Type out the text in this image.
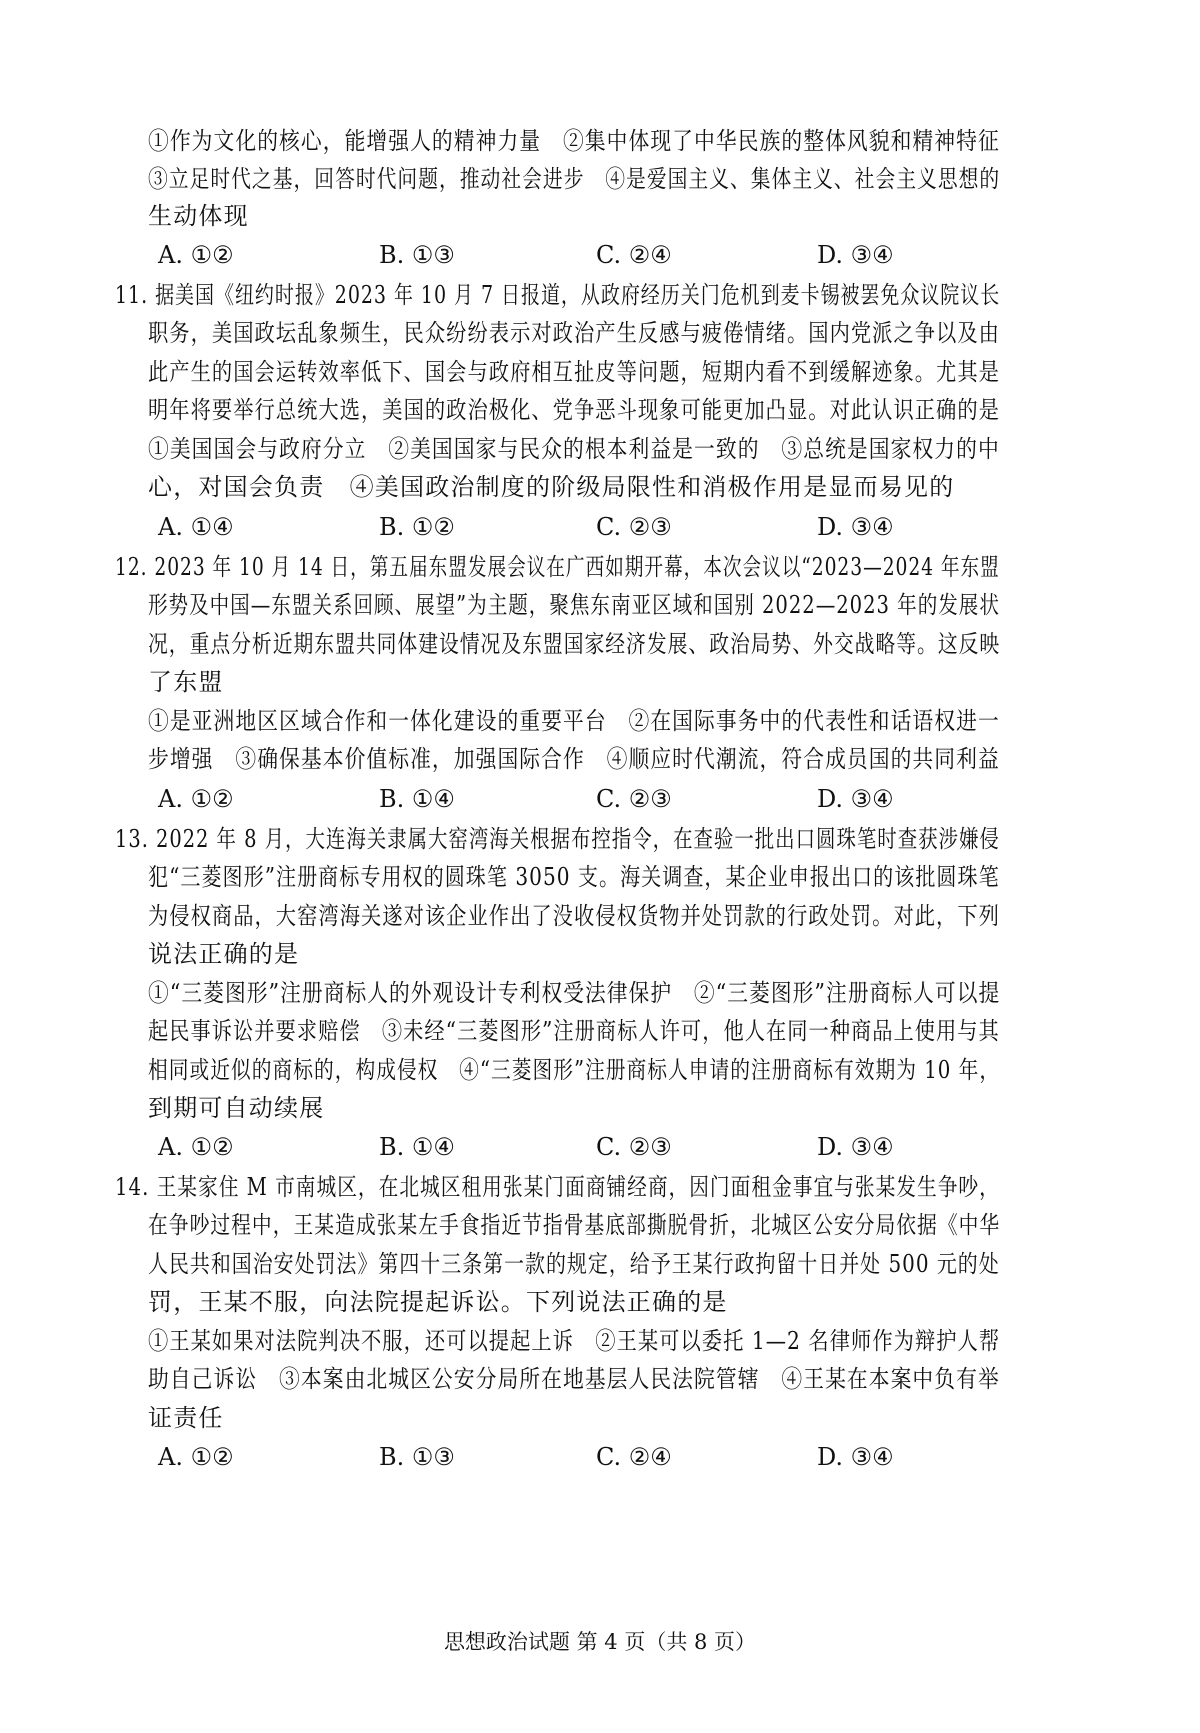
①作为文化的核心，能增强人的精神力量　②集中体现了中华民族的整体风貌和精神特征
③立足时代之基，回答时代问题，推动社会进步　④是爱国主义、集体主义、社会主义思想的
生动体现
A. ①②	B. ①③	C. ②④	D. ③④
11. 据美国《纽约时报》2023 年 10 月 7 日报道，从政府经历关门危机到麦卡锡被罢免众议院议长
职务，美国政坛乱象频生，民众纷纷表示对政治产生反感与疲倦情绪。国内党派之争以及由
此产生的国会运转效率低下、国会与政府相互扯皮等问题，短期内看不到缓解迹象。尤其是
明年将要举行总统大选，美国的政治极化、党争恶斗现象可能更加凸显。对此认识正确的是
①美国国会与政府分立　②美国国家与民众的根本利益是一致的　③总统是国家权力的中
心，对国会负责　④美国政治制度的阶级局限性和消极作用是显而易见的
A. ①④	B. ①②	C. ②③	D. ③④
12. 2023 年 10 月 14 日，第五届东盟发展会议在广西如期开幕，本次会议以“2023—2024 年东盟
形势及中国—东盟关系回顾、展望”为主题，聚焦东南亚区域和国别 2022—2023 年的发展状
况，重点分析近期东盟共同体建设情况及东盟国家经济发展、政治局势、外交战略等。这反映
了东盟
①是亚洲地区区域合作和一体化建设的重要平台　②在国际事务中的代表性和话语权进一
步增强　③确保基本价值标准，加强国际合作　④顺应时代潮流，符合成员国的共同利益
A. ①②	B. ①④	C. ②③	D. ③④
13. 2022 年 8 月，大连海关隶属大窑湾海关根据布控指令，在查验一批出口圆珠笔时查获涉嫌侵
犯“三菱图形”注册商标专用权的圆珠笔 3050 支。海关调查，某企业申报出口的该批圆珠笔
为侵权商品，大窑湾海关遂对该企业作出了没收侵权货物并处罚款的行政处罚。对此，下列
说法正确的是
①“三菱图形”注册商标人的外观设计专利权受法律保护　②“三菱图形”注册商标人可以提
起民事诉讼并要求赔偿　③未经“三菱图形”注册商标人许可，他人在同一种商品上使用与其
相同或近似的商标的，构成侵权　④“三菱图形”注册商标人申请的注册商标有效期为 10 年，
到期可自动续展
A. ①②	B. ①④	C. ②③	D. ③④
14. 王某家住 M 市南城区，在北城区租用张某门面商铺经商，因门面租金事宜与张某发生争吵，
在争吵过程中，王某造成张某左手食指近节指骨基底部撕脱骨折，北城区公安分局依据《中华
人民共和国治安处罚法》第四十三条第一款的规定，给予王某行政拘留十日并处 500 元的处
罚，王某不服，向法院提起诉讼。下列说法正确的是
①王某如果对法院判决不服，还可以提起上诉　②王某可以委托 1—2 名律师作为辩护人帮
助自己诉讼　③本案由北城区公安分局所在地基层人民法院管辖　④王某在本案中负有举
证责任
A. ①②	B. ①③	C. ②④	D. ③④
思想政治试题 第 4 页（共 8 页）
